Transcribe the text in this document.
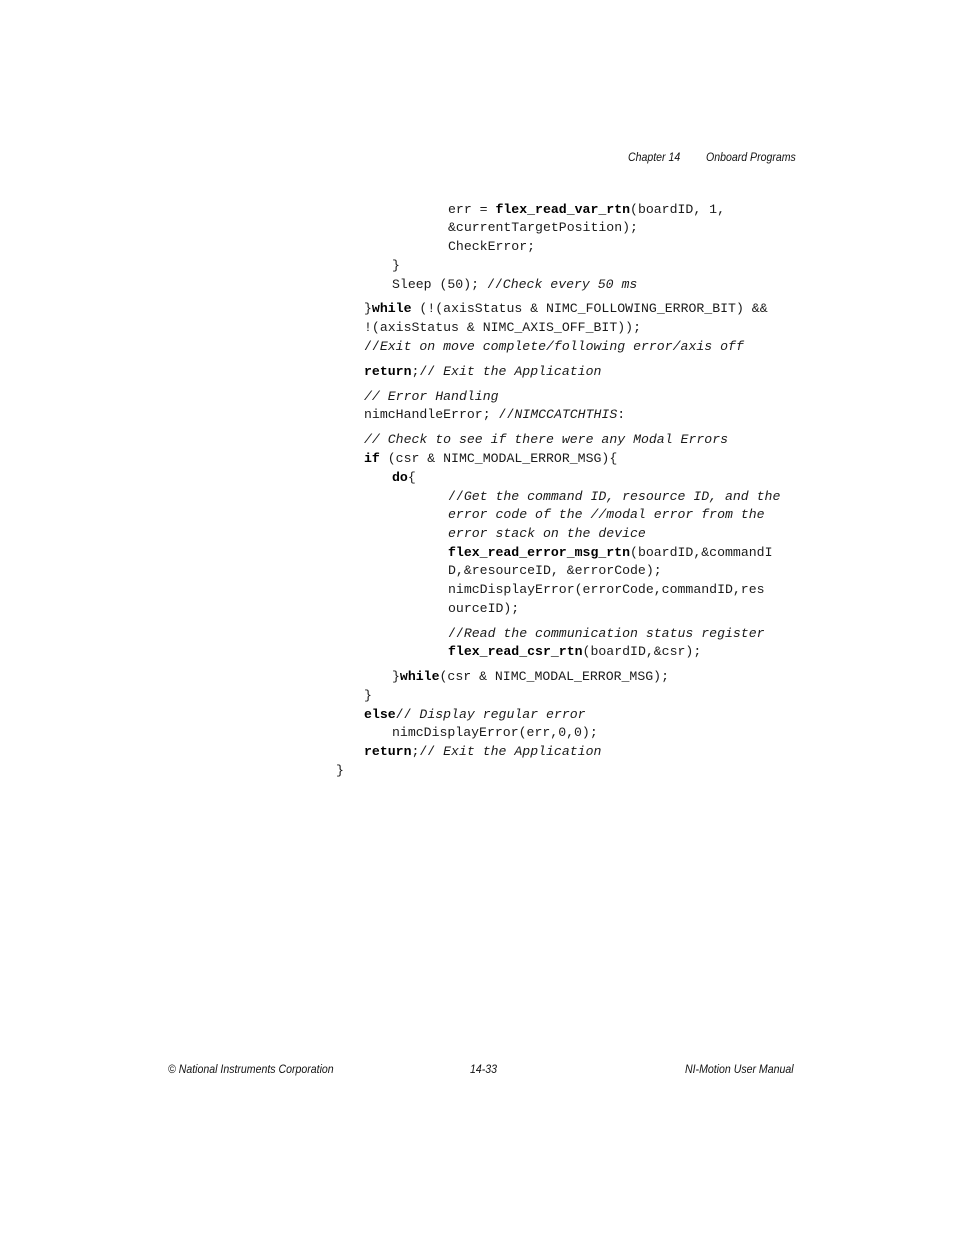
Chapter 14 Onboard Programs
err = flex_read_var_rtn(boardID, 1,
&currentTargetPosition);
CheckError;
}
Sleep (50); //Check every 50 ms
}while (!(axisStatus & NIMC_FOLLOWING_ERROR_BIT) &&
!(axisStatus & NIMC_AXIS_OFF_BIT));
//Exit on move complete/following error/axis off
return;// Exit the Application
// Error Handling
nimcHandleError; //NIMCCATCHTHIS:
// Check to see if there were any Modal Errors
if (csr & NIMC_MODAL_ERROR_MSG){
do{
//Get the command ID, resource ID, and the
error code of the //modal error from the
error stack on the device
flex_read_error_msg_rtn(boardID,&commandI
D,&resourceID, &errorCode);
nimcDisplayError(errorCode,commandID,res
ourceID);
//Read the communication status register
flex_read_csr_rtn(boardID,&csr);
}while(csr & NIMC_MODAL_ERROR_MSG);
}
else// Display regular error
nimcDisplayError(err,0,0);
return;// Exit the Application
}
© National Instruments Corporation	14-33	NI-Motion User Manual
